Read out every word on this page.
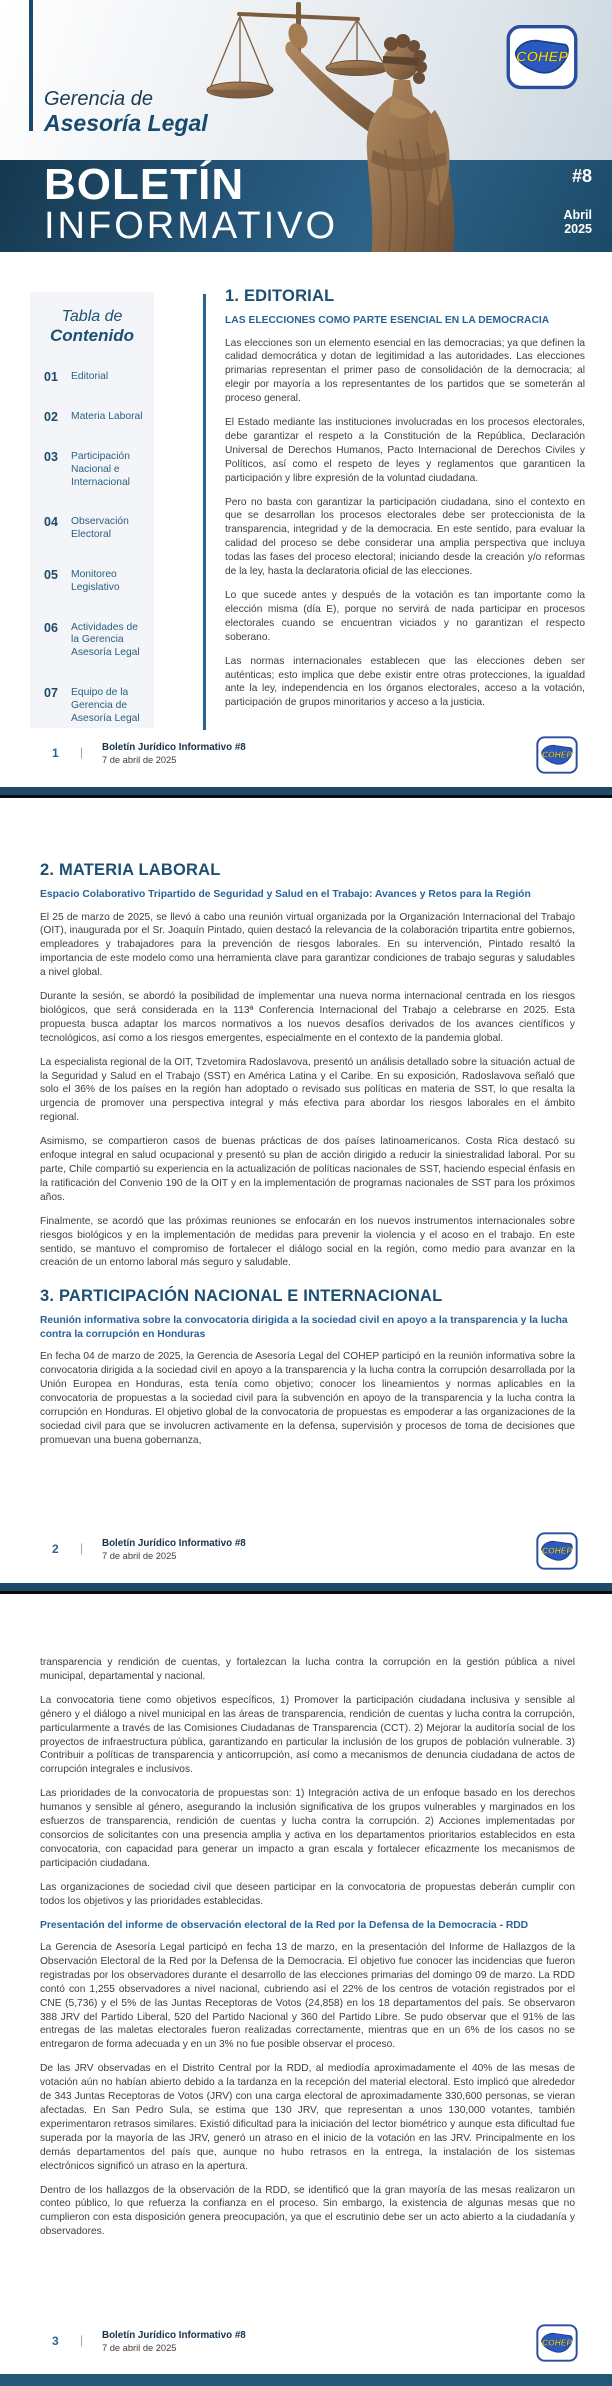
Gerencia de
Asesoría Legal
COHEP
BOLETÍN
INFORMATIVO
#8
Abril
2025
Tabla de
Contenido
01	Editorial
02	Materia Laboral
03	Participación Nacional e Internacional
04	Observación Electoral
05	Monitoreo Legislativo
06	Actividades de la Gerencia Asesoría Legal
07	Equipo de la Gerencia de Asesoría Legal
1. EDITORIAL
LAS ELECCIONES COMO PARTE ESENCIAL EN LA DEMOCRACIA

Las elecciones son un elemento esencial en las democracias; ya que definen la calidad democrática y dotan de legitimidad a las autoridades. Las elecciones primarias representan el primer paso de consolidación de la democracia; al elegir por mayoría a los representantes de los partidos que se someterán al proceso general.

El Estado mediante las instituciones involucradas en los procesos electorales, debe garantizar el respeto a la Constitución de la República, Declaración Universal de Derechos Humanos, Pacto Internacional de Derechos Civiles y Políticos, así como el respeto de leyes y reglamentos que garanticen la participación y libre expresión de la voluntad ciudadana.

Pero no basta con garantizar la participación ciudadana, sino el contexto en que se desarrollan los procesos electorales debe ser proteccionista de la transparencia, integridad y de la democracia. En este sentido, para evaluar la calidad del proceso se debe considerar una amplia perspectiva que incluya todas las fases del proceso electoral; iniciando desde la creación y/o reformas de la ley, hasta la declaratoria oficial de las elecciones.

Lo que sucede antes y después de la votación es tan importante como la elección misma (día E), porque no servirá de nada participar en procesos electorales cuando se encuentran viciados y no garantizan el respecto soberano.

Las normas internacionales establecen que las elecciones deben ser auténticas; esto implica que debe existir entre otras protecciones, la igualdad ante la ley, independencia en los órganos electorales, acceso a la votación, participación de grupos minoritarios y acceso a la justicia.

1 | Boletín Jurídico Informativo #8
7 de abril de 2025
COHEP
2. MATERIA LABORAL
Espacio Colaborativo Tripartido de Seguridad y Salud en el Trabajo: Avances y Retos para la Región

El 25 de marzo de 2025, se llevó a cabo una reunión virtual organizada por la Organización Internacional del Trabajo (OIT), inaugurada por el Sr. Joaquín Pintado, quien destacó la relevancia de la colaboración tripartita entre gobiernos, empleadores y trabajadores para la prevención de riesgos laborales. En su intervención, Pintado resaltó la importancia de este modelo como una herramienta clave para garantizar condiciones de trabajo seguras y saludables a nivel global.

Durante la sesión, se abordó la posibilidad de implementar una nueva norma internacional centrada en los riesgos biológicos, que será considerada en la 113ª Conferencia Internacional del Trabajo a celebrarse en 2025. Esta propuesta busca adaptar los marcos normativos a los nuevos desafíos derivados de los avances científicos y tecnológicos, así como a los riesgos emergentes, especialmente en el contexto de la pandemia global.

La especialista regional de la OIT, Tzvetomira Radoslavova, presentó un análisis detallado sobre la situación actual de la Seguridad y Salud en el Trabajo (SST) en América Latina y el Caribe. En su exposición, Radoslavova señaló que solo el 36% de los países en la región han adoptado o revisado sus políticas en materia de SST, lo que resalta la urgencia de promover una perspectiva integral y más efectiva para abordar los riesgos laborales en el ámbito regional.

Asimismo, se compartieron casos de buenas prácticas de dos países latinoamericanos. Costa Rica destacó su enfoque integral en salud ocupacional y presentó su plan de acción dirigido a reducir la siniestralidad laboral. Por su parte, Chile compartió su experiencia en la actualización de políticas nacionales de SST, haciendo especial énfasis en la ratificación del Convenio 190 de la OIT y en la implementación de programas nacionales de SST para los próximos años.

Finalmente, se acordó que las próximas reuniones se enfocarán en los nuevos instrumentos internacionales sobre riesgos biológicos y en la implementación de medidas para prevenir la violencia y el acoso en el trabajo. En este sentido, se mantuvo el compromiso de fortalecer el diálogo social en la región, como medio para avanzar en la creación de un entorno laboral más seguro y saludable.

3. PARTICIPACIÓN NACIONAL E INTERNACIONAL
Reunión informativa sobre la convocatoria dirigida a la sociedad civil en apoyo a la transparencia y la lucha contra la corrupción en Honduras

En fecha 04 de marzo de 2025, la Gerencia de Asesoría Legal del COHEP participó en la reunión informativa sobre la convocatoria dirigida a la sociedad civil en apoyo a la transparencia y la lucha contra la corrupción desarrollada por la Unión Europea en Honduras, esta tenía como objetivo; conocer los lineamientos y normas aplicables en la convocatoria de propuestas a la sociedad civil para la subvención en apoyo de la transparencia y la lucha contra la corrupción en Honduras. El objetivo global de la convocatoria de propuestas es empoderar a las organizaciones de la sociedad civil para que se involucren activamente en la defensa, supervisión y procesos de toma de decisiones que promuevan una buena gobernanza,

2 | Boletín Jurídico Informativo #8
7 de abril de 2025
COHEP

transparencia y rendición de cuentas, y fortalezcan la lucha contra la corrupción en la gestión pública a nivel municipal, departamental y nacional.

La convocatoria tiene como objetivos específicos, 1) Promover la participación ciudadana inclusiva y sensible al género y el diálogo a nivel municipal en las áreas de transparencia, rendición de cuentas y lucha contra la corrupción, particularmente a través de las Comisiones Ciudadanas de Transparencia (CCT). 2) Mejorar la auditoría social de los proyectos de infraestructura pública, garantizando en particular la inclusión de los grupos de población vulnerable. 3) Contribuir a políticas de transparencia y anticorrupción, así como a mecanismos de denuncia ciudadana de actos de corrupción integrales e inclusivos.

Las prioridades de la convocatoria de propuestas son: 1) Integración activa de un enfoque basado en los derechos humanos y sensible al género, asegurando la inclusión significativa de los grupos vulnerables y marginados en los esfuerzos de transparencia, rendición de cuentas y lucha contra la corrupción. 2) Acciones implementadas por consorcios de solicitantes con una presencia amplia y activa en los departamentos prioritarios establecidos en esta convocatoria, con capacidad para generar un impacto a gran escala y fortalecer eficazmente los mecanismos de participación ciudadana.

Las organizaciones de sociedad civil que deseen participar en la convocatoria de propuestas deberán cumplir con todos los objetivos y las prioridades establecidas.

Presentación del informe de observación electoral de la Red por la Defensa de la Democracia - RDD

La Gerencia de Asesoría Legal participó en fecha 13 de marzo, en la presentación del Informe de Hallazgos de la Observación Electoral de la Red por la Defensa de la Democracia. El objetivo fue conocer las incidencias que fueron registradas por los observadores durante el desarrollo de las elecciones primarias del domingo 09 de marzo. La RDD contó con 1,255 observadores a nivel nacional, cubriendo así el 22% de los centros de votación registrados por el CNE (5,736) y el 5% de las Juntas Receptoras de Votos (24,858) en los 18 departamentos del país. Se observaron 388 JRV del Partido Liberal, 520 del Partido Nacional y 360 del Partido Libre. Se pudo observar que el 91% de las entregas de las maletas electorales fueron realizadas correctamente, mientras que en un 6% de los casos no se entregaron de forma adecuada y en un 3% no fue posible observar el proceso.

De las JRV observadas en el Distrito Central por la RDD, al mediodía aproximadamente el 40% de las mesas de votación aún no habían abierto debido a la tardanza en la recepción del material electoral. Esto implicó que alrededor de 343 Juntas Receptoras de Votos (JRV) con una carga electoral de aproximadamente 330,600 personas, se vieran afectadas. En San Pedro Sula, se estima que 130 JRV, que representan a unos 130,000 votantes, también experimentaron retrasos similares. Existió dificultad para la iniciación del lector biométrico y aunque esta dificultad fue superada por la mayoría de las JRV, generó un atraso en el inicio de la votación en las JRV. Principalmente en los demás departamentos del país que, aunque no hubo retrasos en la entrega, la instalación de los sistemas electrónicos significó un atraso en la apertura.

Dentro de los hallazgos de la observación de la RDD, se identificó que la gran mayoría de las mesas realizaron un conteo público, lo que refuerza la confianza en el proceso. Sin embargo, la existencia de algunas mesas que no cumplieron con esta disposición genera preocupación, ya que el escrutinio debe ser un acto abierto a la ciudadanía y observadores.

3 | Boletín Jurídico Informativo #8
7 de abril de 2025
COHEP
